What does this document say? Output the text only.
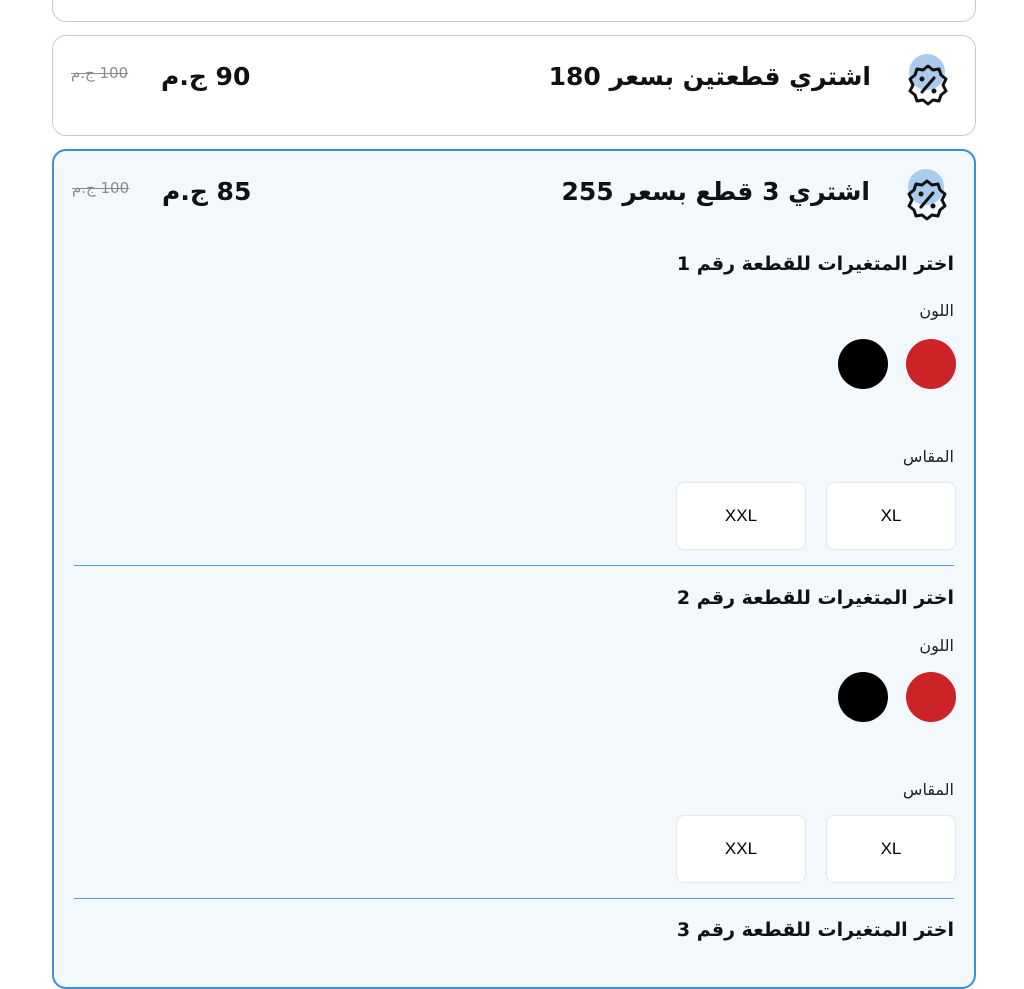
اشتري قطعتين بسعر 180
90 ج.م
100 ج.م
اشتري 3 قطع بسعر 255
85 ج.م
100 ج.م
اختر المتغيرات للقطعة رقم 1
اللون
المقاس
XL
XXL
اختر المتغيرات للقطعة رقم 2
اللون
المقاس
XL
XXL
اختر المتغيرات للقطعة رقم 3
